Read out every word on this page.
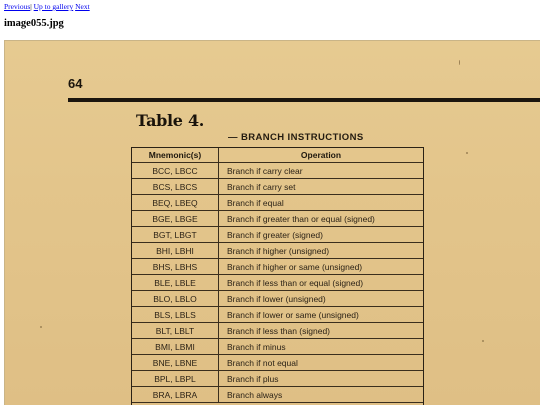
Previous| Up to gallery Next
image055.jpg
64
Table 4.
— BRANCH INSTRUCTIONS
Mnemonic(s)	Operation
BCC, LBCC	Branch if carry clear
BCS, LBCS	Branch if carry set
BEQ, LBEQ	Branch if equal
BGE, LBGE	Branch if greater than or equal (signed)
BGT, LBGT	Branch if greater (signed)
BHI, LBHI	Branch if higher (unsigned)
BHS, LBHS	Branch if higher or same (unsigned)
BLE, LBLE	Branch if less than or equal (signed)
BLO, LBLO	Branch if lower (unsigned)
BLS, LBLS	Branch if lower or same (unsigned)
BLT, LBLT	Branch if less than (signed)
BMI, LBMI	Branch if minus
BNE, LBNE	Branch if not equal
BPL, LBPL	Branch if plus
BRA, LBRA	Branch always
